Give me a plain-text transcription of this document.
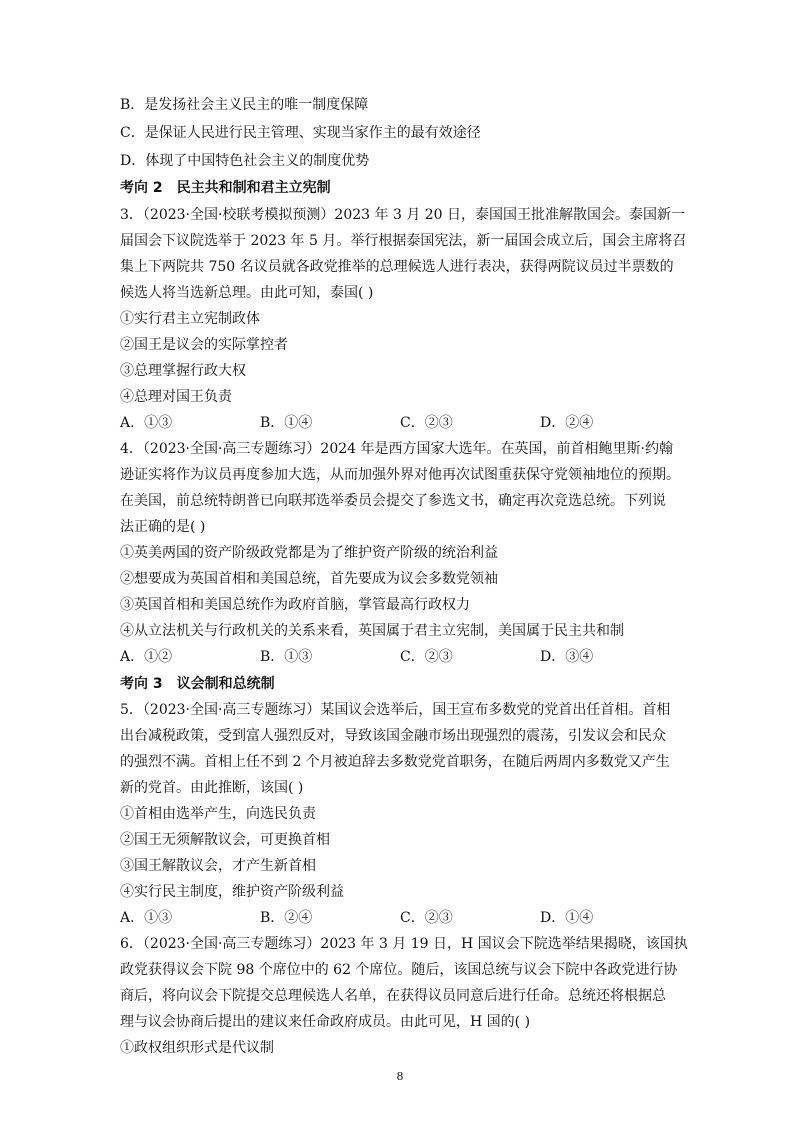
B．是发扬社会主义民主的唯一制度保障
C．是保证人民进行民主管理、实现当家作主的最有效途径
D．体现了中国特色社会主义的制度优势
考向 2 民主共和制和君主立宪制
3．（2023·全国·校联考模拟预测）2023 年 3 月 20 日，泰国国王批准解散国会。泰国新一
届国会下议院选举于 2023 年 5 月。举行根据泰国宪法，新一届国会成立后，国会主席将召
集上下两院共 750 名议员就各政党推举的总理候选人进行表决，获得两院议员过半票数的
候选人将当选新总理。由此可知，泰国( )
①实行君主立宪制政体
②国王是议会的实际掌控者
③总理掌握行政大权
④总理对国王负责
A．①③	B．①④	C．②③	D．②④
4．（2023·全国·高三专题练习）2024 年是西方国家大选年。在英国，前首相鲍里斯·约翰
逊证实将作为议员再度参加大选，从而加强外界对他再次试图重获保守党领袖地位的预期。
在美国，前总统特朗普已向联邦选举委员会提交了参选文书，确定再次竞选总统。下列说
法正确的是( )
①英美两国的资产阶级政党都是为了维护资产阶级的统治利益
②想要成为英国首相和美国总统，首先要成为议会多数党领袖
③英国首相和美国总统作为政府首脑，掌管最高行政权力
④从立法机关与行政机关的关系来看，英国属于君主立宪制，美国属于民主共和制
A．①②	B．①③	C．②③	D．③④
考向 3 议会制和总统制
5．（2023·全国·高三专题练习）某国议会选举后，国王宣布多数党的党首出任首相。首相
出台减税政策，受到富人强烈反对，导致该国金融市场出现强烈的震荡，引发议会和民众
的强烈不满。首相上任不到 2 个月被迫辞去多数党党首职务，在随后两周内多数党又产生
新的党首。由此推断，该国( )
①首相由选举产生，向选民负责
②国王无须解散议会，可更换首相
③国王解散议会，才产生新首相
④实行民主制度，维护资产阶级利益
A．①③	B．②④	C．②③	D．①④
6．（2023·全国·高三专题练习）2023 年 3 月 19 日，H 国议会下院选举结果揭晓，该国执
政党获得议会下院 98 个席位中的 62 个席位。随后，该国总统与议会下院中各政党进行协
商后，将向议会下院提交总理候选人名单，在获得议员同意后进行任命。总统还将根据总
理与议会协商后提出的建议来任命政府成员。由此可见，H 国的( )
①政权组织形式是代议制
8
